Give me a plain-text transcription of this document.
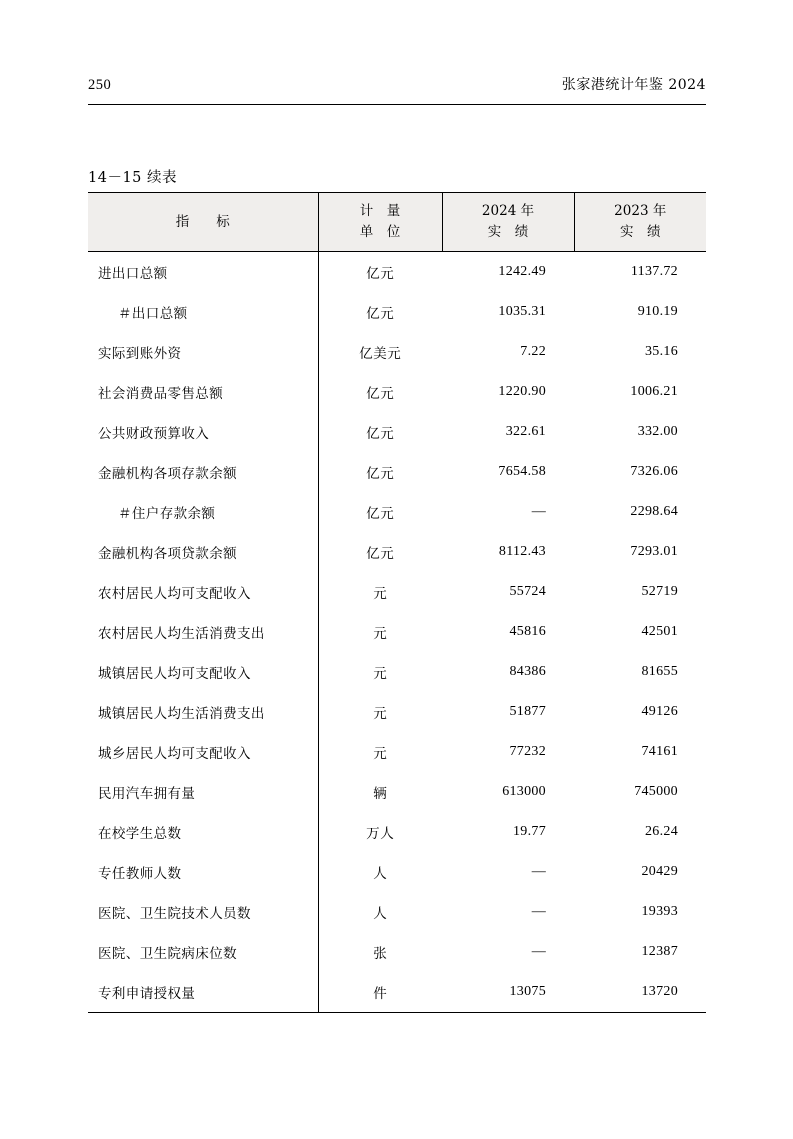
250	张家港统计年鉴 2024
14－15 续表
指　　标

计　量
单　位

2024 年
实　绩

2023 年
实　绩

进出口总额	亿元	1242.49	1137.72
＃出口总额	亿元	1035.31	910.19
实际到账外资	亿美元	7.22	35.16
社会消费品零售总额	亿元	1220.90	1006.21
公共财政预算收入	亿元	322.61	332.00
金融机构各项存款余额	亿元	7654.58	7326.06
＃住户存款余额	亿元	—	2298.64
金融机构各项贷款余额	亿元	8112.43	7293.01
农村居民人均可支配收入	元	55724	52719
农村居民人均生活消费支出	元	45816	42501
城镇居民人均可支配收入	元	84386	81655
城镇居民人均生活消费支出	元	51877	49126
城乡居民人均可支配收入	元	77232	74161
民用汽车拥有量	辆	613000	745000
在校学生总数	万人	19.77	26.24
专任教师人数	人	—	20429
医院、卫生院技术人员数	人	—	19393
医院、卫生院病床位数	张	—	12387
专利申请授权量	件	13075	13720
